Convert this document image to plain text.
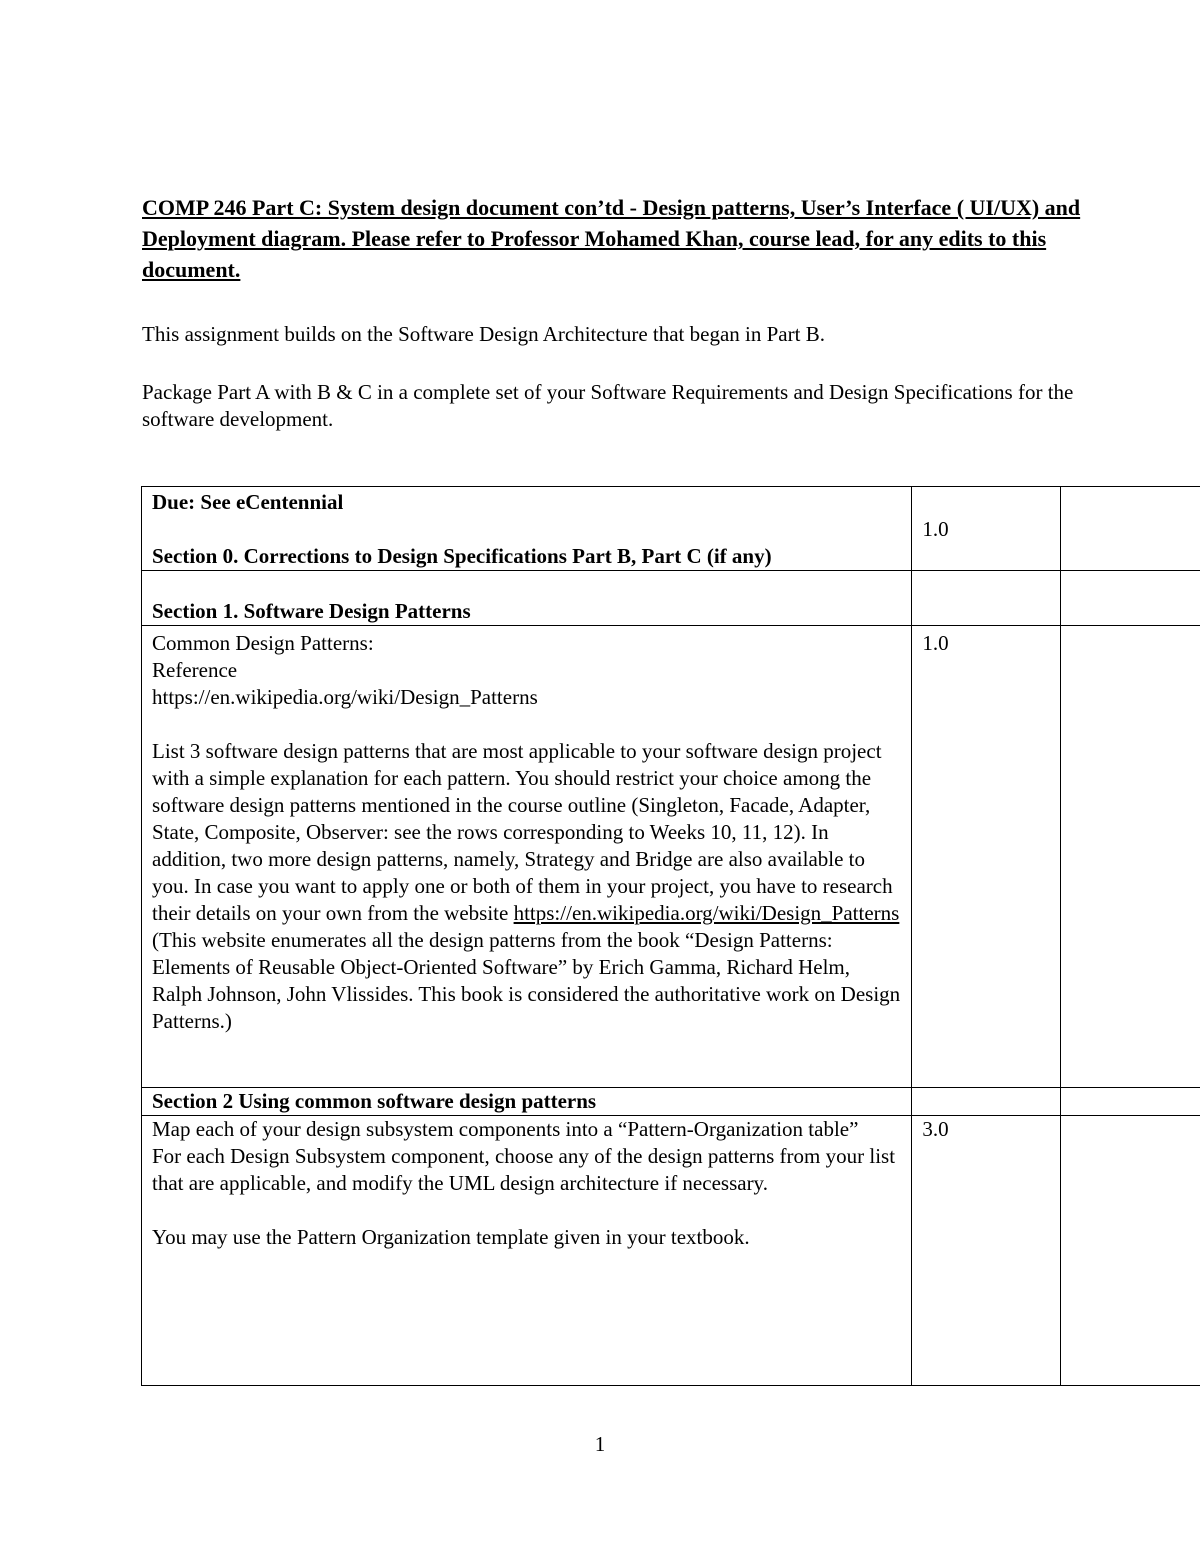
COMP 246 Part C: System design document con’td - Design patterns, User’s Interface ( UI/UX) and Deployment diagram. Please refer to Professor Mohamed Khan, course lead, for any edits to this document.
This assignment builds on the Software Design Architecture that began in Part B.
Package Part A with B & C in a complete set of your Software Requirements and Design Specifications for the software development.
Due: See eCentennial
Section 0. Corrections to Design Specifications Part B, Part C (if any)	1.0	

Section 1. Software Design Patterns		

Common Design Patterns:
Reference
https://en.wikipedia.org/wiki/Design_Patterns
List 3 software design patterns that are most applicable to your software design project with a simple explanation for each pattern. You should restrict your choice among the software design patterns mentioned in the course outline (Singleton, Facade, Adapter, State, Composite, Observer: see the rows corresponding to Weeks 10, 11, 12). In addition, two more design patterns, namely, Strategy and Bridge are also available to you. In case you want to apply one or both of them in your project, you have to research their details on your own from the website https://en.wikipedia.org/wiki/Design_Patterns
(This website enumerates all the design patterns from the book “Design Patterns: Elements of Reusable Object-Oriented Software” by Erich Gamma, Richard Helm, Ralph Johnson, John Vlissides. This book is considered the authoritative work on Design Patterns.)	1.0	

Section 2 Using common software design patterns		

Map each of your design subsystem components into a “Pattern-Organization table”
For each Design Subsystem component, choose any of the design patterns from your list that are applicable, and modify the UML design architecture if necessary.
You may use the Pattern Organization template given in your textbook.	3.0	

1
